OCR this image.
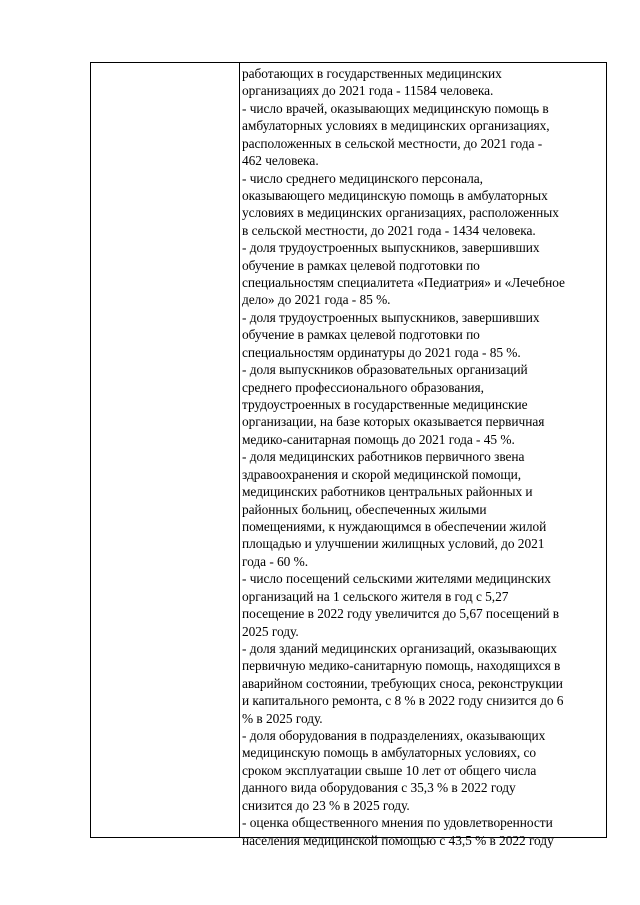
работающих в государственных медицинских
организациях до 2021 года - 11584 человека.
- число врачей, оказывающих медицинскую помощь в
амбулаторных условиях в медицинских организациях,
расположенных в сельской местности, до 2021 года -
462 человека.
- число среднего медицинского персонала,
оказывающего медицинскую помощь в амбулаторных
условиях в медицинских организациях, расположенных
в сельской местности, до 2021 года - 1434 человека.
- доля трудоустроенных выпускников, завершивших
обучение в рамках целевой подготовки по
специальностям специалитета «Педиатрия» и «Лечебное
дело» до 2021 года - 85 %.
- доля трудоустроенных выпускников, завершивших
обучение в рамках целевой подготовки по
специальностям ординатуры до 2021 года - 85 %.
- доля выпускников образовательных организаций
среднего профессионального образования,
трудоустроенных в государственные медицинские
организации, на базе которых оказывается первичная
медико-санитарная помощь до 2021 года - 45 %.
- доля медицинских работников первичного звена
здравоохранения и скорой медицинской помощи,
медицинских работников центральных районных и
районных больниц, обеспеченных жилыми
помещениями, к нуждающимся в обеспечении жилой
площадью и улучшении жилищных условий, до 2021
года - 60 %.
- число посещений сельскими жителями медицинских
организаций на 1 сельского жителя в год с 5,27
посещение в 2022 году увеличится до 5,67 посещений в
2025 году.
- доля зданий медицинских организаций, оказывающих
первичную медико-санитарную помощь, находящихся в
аварийном состоянии, требующих сноса, реконструкции
и капитального ремонта, с 8 % в 2022 году снизится до 6
% в 2025 году.
- доля оборудования в подразделениях, оказывающих
медицинскую помощь в амбулаторных условиях, со
сроком эксплуатации свыше 10 лет от общего числа
данного вида оборудования с 35,3 % в 2022 году
снизится до 23 % в 2025 году.
- оценка общественного мнения по удовлетворенности
населения медицинской помощью с 43,5 % в 2022 году
